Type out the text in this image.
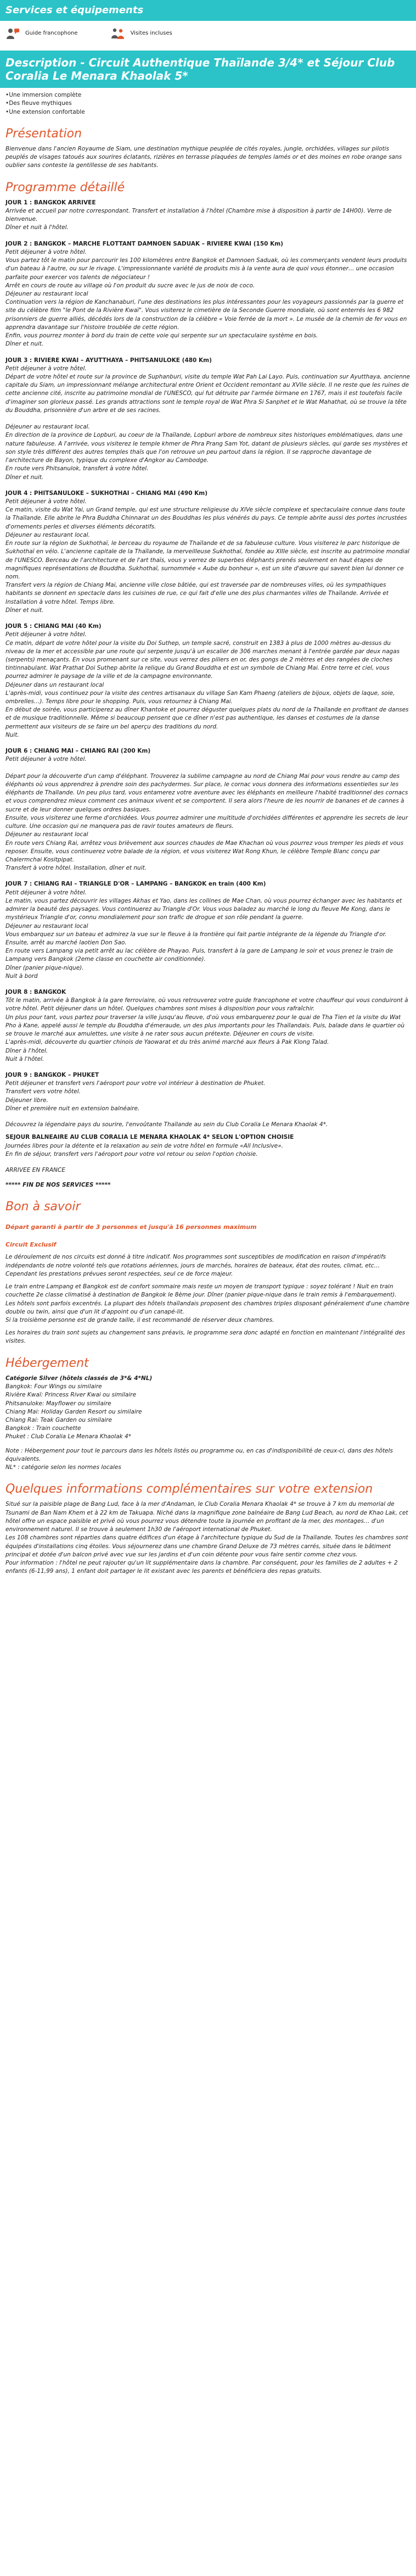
Services et équipements
Guide francophone	Visites incluses
Description - Circuit Authentique Thaïlande 3/4* et Séjour Club Coralia Le Menara Khaolak 5*
• Une immersion complète
• Des fleuve mythiques
• Une extension confortable
Présentation

Bienvenue dans l'ancien Royaume de Siam, une destination mythique peuplée de cités royales, jungle, orchidées, villages sur pilotis peuplés de visages tatoués aux sourires éclatants, rizières en terrasse plaquées de temples lamés or et des moines en robe orange sans oublier sans conteste la gentillesse de ses habitants.

Programme détaillé
JOUR 1 : BANGKOK ARRIVEE
Arrivée et accueil par notre correspondant. Transfert et installation à l'hôtel (Chambre mise à disposition à partir de 14H00). Verre de bienvenue.
Dîner et nuit à l'hôtel.
JOUR 2 : BANGKOK – MARCHE FLOTTANT DAMNOEN SADUAK – RIVIERE KWAI (150 Km)
Petit déjeuner à votre hôtel.
Vous partez tôt le matin pour parcourir les 100 kilomètres entre Bangkok et Damnoen Saduak, où les commerçants vendent leurs produits d'un bateau à l'autre, ou sur le rivage. L'impressionnante variété de produits mis à la vente aura de quoi vous étonner… une occasion parfaite pour exercer vos talents de négociateur !
Arrêt en cours de route au village où l'on produit du sucre avec le jus de noix de coco.
Déjeuner au restaurant local
Continuation vers la région de Kanchanaburi, l'une des destinations les plus intéressantes pour les voyageurs passionnés par la guerre et site du célèbre film "le Pont de la Rivière Kwaï". Vous visiterez le cimetière de la Seconde Guerre mondiale, où sont enterrés les 6 982 prisonniers de guerre alliés, décédés lors de la construction de la célèbre « Voie ferrée de la mort ». Le musée de la chemin de fer vous en apprendra davantage sur l'histoire troublée de cette région.
Enfin, vous pourrez monter à bord du train de cette voie qui serpente sur un spectaculaire système en bois.
Dîner et nuit.
JOUR 3 : RIVIERE KWAI – AYUTTHAYA – PHITSANULOKE (480 Km)
Petit déjeuner à votre hôtel.
Départ de votre hôtel et route sur la province de Suphanburi, visite du temple Wat Pah Lai Layo. Puis, continuation sur Ayutthaya, ancienne capitale du Siam, un impressionnant mélange architectural entre Orient et Occident remontant au XVIIe siècle. Il ne reste que les ruines de cette ancienne cité, inscrite au patrimoine mondial de l'UNESCO, qui fut détruite par l'armée birmane en 1767, mais il est toutefois facile d'imaginer son glorieux passé. Les grands attractions sont le temple royal de Wat Phra Si Sanphet et le Wat Mahathat, où se trouve la tête du Bouddha, prisonnière d'un arbre et de ses racines.

Déjeuner au restaurant local.
En direction de la province de Lopburi, au coeur de la Thaïlande, Lopburi arbore de nombreux sites historiques emblématiques, dans une nature fabuleuse. A l'arrivée, vous visiterez le temple khmer de Phra Prang Sam Yot, datant de plusieurs siècles, qui garde ses mystères et son style très différent des autres temples thaïs que l'on retrouve un peu partout dans la région. Il se rapproche davantage de l'architecture de Bayon, typique du complexe d'Angkor au Cambodge.
En route vers Phitsanulok, transfert à votre hôtel.
Dîner et nuit.
JOUR 4 : PHITSANULOKE – SUKHOTHAI – CHIANG MAI (490 Km)
Petit déjeuner à votre hôtel.
Ce matin, visite du Wat Yai, un Grand temple, qui est une structure religieuse du XIVe siècle complexe et spectaculaire connue dans toute la Thaïlande. Elle abrite le Phra Buddha Chinnarat un des Bouddhas les plus vénérés du pays. Ce temple abrite aussi des portes incrustées d'ornements perles et diverses éléments décoratifs.
Déjeuner au restaurant local.
En route sur la région de Sukhothaï, le berceau du royaume de Thaïlande et de sa fabuleuse culture. Vous visiterez le parc historique de Sukhothaï en vélo. L'ancienne capitale de la Thaïlande, la merveilleuse Sukhothaï, fondée au XIIIe siècle, est inscrite au patrimoine mondial de l'UNESCO. Berceau de l'architecture et de l'art thaïs, vous y verrez de superbes éléphants prenés seulement en haut étapes de magnifiques représentations de Bouddha. Sukhothaï, surnommée « Aube du bonheur », est un site d'œuvre qui savent bien lui donner ce nom.
Transfert vers la région de Chiang Mai, ancienne ville close bâtiée, qui est traversée par de nombreuses villes, où les sympathiques habitants se donnent en spectacle dans les cuisines de rue, ce qui fait d'elle une des plus charmantes villes de Thaïlande. Arrivée et Installation à votre hôtel. Temps libre.
Dîner et nuit.
JOUR 5 : CHIANG MAI (40 Km)
Petit déjeuner à votre hôtel.
Ce matin, départ de votre hôtel pour la visite du Doi Suthep, un temple sacré, construit en 1383 à plus de 1000 mètres au-dessus du niveau de la mer et accessible par une route qui serpente jusqu'à un escalier de 306 marches menant à l'entrée gardée par deux nagas (serpents) menaçants. En vous promenant sur ce site, vous verrez des piliers en or, des gongs de 2 mètres et des rangées de cloches tintinnabulant. Wat Prathat Doi Suthep abrite la relique du Grand Bouddha et est un symbole de Chiang Mai. Entre terre et ciel, vous pourrez admirer le paysage de la ville et de la campagne environnante.
Déjeuner dans un restaurant local
L'après-midi, vous continuez pour la visite des centres artisanaux du village San Kam Phaeng (ateliers de bijoux, objets de laque, soie, ombrelles…). Temps libre pour le shopping. Puis, vous retournez à Chiang Mai.
En début de soirée, vous participerez au dîner Khantoke et pourrez déguster quelques plats du nord de la Thaïlande en profitant de danses et de musique traditionnelle. Même si beaucoup pensent que ce dîner n'est pas authentique, les danses et costumes de la danse permettent aux visiteurs de se faire un bel aperçu des traditions du nord.
Nuit.
JOUR 6 : CHIANG MAI – CHIANG RAI (200 Km)
Petit déjeuner à votre hôtel.

Départ pour la découverte d'un camp d'éléphant. Trouverez la sublime campagne au nord de Chiang Mai pour vous rendre au camp des éléphants où vous apprendrez à prendre soin des pachydermes. Sur place, le cornac vous donnera des informations essentielles sur les éléphants de Thaïlande. Un peu plus tard, vous entamerez votre aventure avec les éléphants en meilleure l'habité traditionnel des cornacs et vous comprendrez mieux comment ces animaux vivent et se comportent. Il sera alors l'heure de les nourrir de bananes et de cannes à sucre et de leur donner quelques ordres basiques.
Ensuite, vous visiterez une ferme d'orchidées. Vous pourrez admirer une multitude d'orchidées différentes et apprendre les secrets de leur culture. Une occasion qui ne manquera pas de ravir toutes amateurs de fleurs.
Déjeuner au restaurant local
En route vers Chiang Rai, arrêtez vous brièvement aux sources chaudes de Mae Khachan où vous pourrez vous tremper les pieds et vous reposer. Ensuite, vous continuerez votre balade de la région, et vous visiterez Wat Rong Khun, le célèbre Temple Blanc conçu par Chalermchai Kositpipat.
Transfert à votre hôtel. Installation, dîner et nuit.
JOUR 7 : CHIANG RAI – TRIANGLE D'OR – LAMPANG – BANGKOK en train (400 Km)
Petit déjeuner à votre hôtel.
Le matin, vous partez découvrir les villages Akhas et Yao, dans les collines de Mae Chan, où vous pourrez échanger avec les habitants et admirer la beauté des paysages. Vous continuerez au Triangle d'Or. Vous vous baladez au marché le long du fleuve Me Kong, dans le mystérieux Triangle d'or, connu mondialement pour son trafic de drogue et son rôle pendant la guerre.
Déjeuner au restaurant local
Vous embarquez sur un bateau et admirez la vue sur le fleuve à la frontière qui fait partie intégrante de la légende du Triangle d'or. Ensuite, arrêt au marché laotien Don Sao.
En route vers Lampang via petit arrêt au lac célèbre de Phayao. Puis, transfert à la gare de Lampang le soir et vous prenez le train de Lampang vers Bangkok (2eme classe en couchette air conditionnée).
Dîner (panier pique-nique).
Nuit à bord
JOUR 8 : BANGKOK
Tôt le matin, arrivée à Bangkok à la gare ferroviaire, où vous retrouverez votre guide francophone et votre chauffeur qui vous conduiront à votre hôtel. Petit déjeuner dans un hôtel. Quelques chambres sont mises à disposition pour vous rafraîchir.
Un plus pour tant, vous partez pour traverser la ville jusqu'au fleuve, d'où vous embarquerez pour le quai de Tha Tien et la visite du Wat Pho à Kane, appelé aussi le temple du Bouddha d'émeraude, un des plus importants pour les Thaïlandais. Puis, balade dans le quartier où se trouve le marché aux amulettes, une visite à ne rater sous aucun prétexte. Déjeuner en cours de visite.
L'après-midi, découverte du quartier chinois de Yaowarat et du très animé marché aux fleurs à Pak Klong Talad.
Dîner à l'hôtel.
Nuit à l'hôtel.
JOUR 9 : BANGKOK – PHUKET
Petit déjeuner et transfert vers l'aéroport pour votre vol intérieur à destination de Phuket.
Transfert vers votre hôtel.
Déjeuner libre.
Dîner et première nuit en extension balnéaire.

Découvrez la légendaire pays du sourire, l'envoûtante Thaïlande au sein du Club Coralia Le Menara Khaolak 4*.

SEJOUR BALNEAIRE AU CLUB CORALIA LE MENARA KHAOLAK 4* SELON L'OPTION CHOISIE
Journées libres pour la détente et la relaxation au sein de votre hôtel en formule «All Inclusive».
En fin de séjour, transfert vers l'aéroport pour votre vol retour ou selon l'option choisie.

ARRIVEE EN FRANCE

***** FIN DE NOS SERVICES *****

Bon à savoir
Départ garanti à partir de 3 personnes et jusqu'à 16 personnes maximum
Circuit Exclusif

Le déroulement de nos circuits est donné à titre indicatif. Nos programmes sont susceptibles de modification en raison d'impératifs indépendants de notre volonté tels que rotations aériennes, jours de marchés, horaires de bateaux, état des routes, climat, etc… Cependant les prestations prévues seront respectées, seul ce de force majeur.

Le train entre Lampang et Bangkok est de confort sommaire mais reste un moyen de transport typique : soyez tolérant ! Nuit en train couchette 2e classe climatisé à destination de Bangkok le 8ème jour. Dîner (panier pique-nique dans le train remis à l'embarquement).
Les hôtels sont parfois excentrés. La plupart des hôtels thaïlandais proposent des chambres triples disposant généralement d'une chambre double ou twin, ainsi que d'un lit d'appoint ou d'un canapé-lit.
Si la troisième personne est de grande taille, il est recommandé de réserver deux chambres.

Les horaires du train sont sujets au changement sans préavis, le programme sera donc adapté en fonction en maintenant l'intégralité des visites.

Hébergement
Catégorie Silver (hôtels classés de 3*& 4*NL)
Bangkok: Four Wings ou similaire
Rivière Kwaï: Princess River Kwai ou similaire
Phitsanuloke: Mayflower ou similaire
Chiang Mai: Holiday Garden Resort ou similaire
Chiang Rai: Teak Garden ou similaire
Bangkok : Train couchette
Phuket : Club Coralia Le Menara Khaolak 4*

Note : Hébergement pour tout le parcours dans les hôtels listés ou programme ou, en cas d'indisponibilité de ceux-ci, dans des hôtels équivalents.
NL* : catégorie selon les normes locales

Quelques informations complémentaires sur votre extension

Situé sur la paisible plage de Bang Lud, face à la mer d'Andaman, le Club Coralia Menara Khaolak 4* se trouve à 7 km du memorial de Tsunami de Ban Nam Khem et à 22 km de Takuapa. Niché dans la magnifique zone balnéaire de Bang Lud Beach, au nord de Khao Lak, cet hôtel offre un espace paisible et privé où vous pourrez vous détendre toute la journée en profitant de la mer, des montages… d'un environnement naturel. Il se trouve à seulement 1h30 de l'aéroport international de Phuket.
Les 108 chambres sont réparties dans quatre édifices d'un étage à l'architecture typique du Sud de la Thaïlande. Toutes les chambres sont équipées d'installations cinq étoiles. Vous séjournerez dans une chambre Grand Deluxe de 73 mètres carrés, située dans le bâtiment principal et dotée d'un balcon privé avec vue sur les jardins et d'un coin détente pour vous faire sentir comme chez vous.
Pour information : l'hôtel ne peut rajouter qu'un lit supplémentaire dans la chambre. Par conséquent, pour les familles de 2 adultes + 2 enfants (6-11,99 ans), 1 enfant doit partager le lit existant avec les parents et bénéficiera des repas gratuits.
